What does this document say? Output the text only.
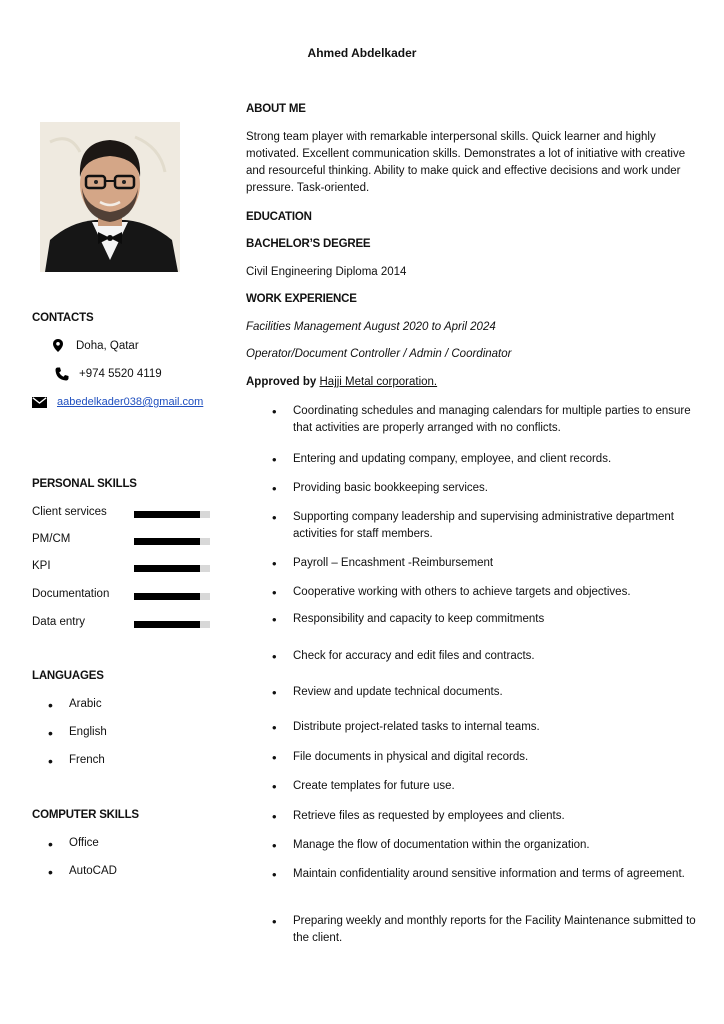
Ahmed Abdelkader
CONTACTS
Doha, Qatar
+974 5520 4119
aabedelkader038@gmail.com
PERSONAL SKILLS
Client services
PM/CM
KPI
Documentation
Data entry
LANGUAGES
• Arabic
• English
• French
COMPUTER SKILLS
• Office
• AutoCAD
ABOUT ME
Strong team player with remarkable interpersonal skills. Quick learner and highly motivated. Excellent communication skills. Demonstrates a lot of initiative with creative and resourceful thinking. Ability to make quick and effective decisions and work under pressure. Task-oriented.
EDUCATION
BACHELOR’S DEGREE
Civil Engineering Diploma 2014
WORK EXPERIENCE
Facilities Management August 2020 to April 2024
Operator/Document Controller / Admin / Coordinator
Approved by Hajji Metal corporation.
• Coordinating schedules and managing calendars for multiple parties to ensure that activities are properly arranged with no conflicts.
• Entering and updating company, employee, and client records.
• Providing basic bookkeeping services.
• Supporting company leadership and supervising administrative department activities for staff members.
• Payroll – Encashment -Reimbursement
• Cooperative working with others to achieve targets and objectives.
• Responsibility and capacity to keep commitments
• Check for accuracy and edit files and contracts.
• Review and update technical documents.
• Distribute project-related tasks to internal teams.
• File documents in physical and digital records.
• Create templates for future use.
• Retrieve files as requested by employees and clients.
• Manage the flow of documentation within the organization.
• Maintain confidentiality around sensitive information and terms of agreement.
• Preparing weekly and monthly reports for the Facility Maintenance submitted to the client.
